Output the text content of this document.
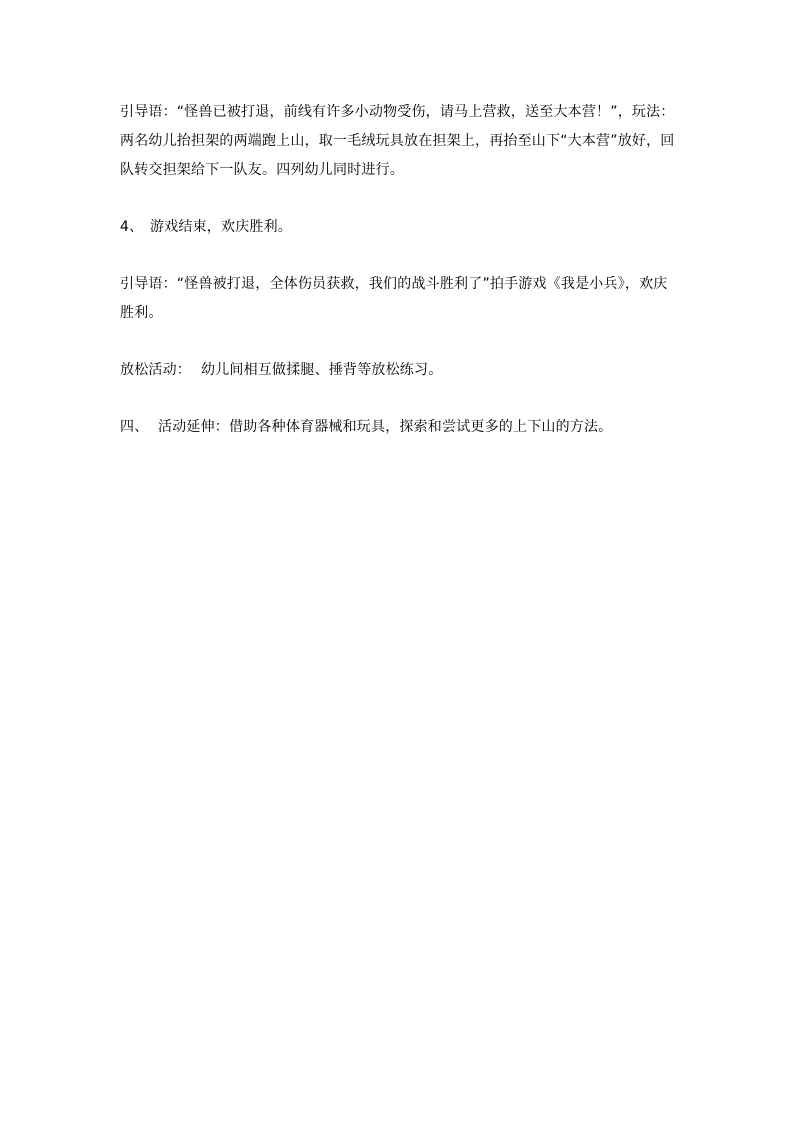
引导语：“怪兽已被打退，前线有许多小动物受伤，请马上营救，送至大本营！”，玩法：两名幼儿抬担架的两端跑上山，取一毛绒玩具放在担架上，再抬至山下“大本营”放好，回队转交担架给下一队友。四列幼儿同时进行。

4、 游戏结束，欢庆胜利。

引导语：“怪兽被打退，全体伤员获救，我们的战斗胜利了”拍手游戏《我是小兵》，欢庆胜利。

放松活动： 幼儿间相互做揉腿、捶背等放松练习。

四、 活动延伸：借助各种体育器械和玩具，探索和尝试更多的上下山的方法。
